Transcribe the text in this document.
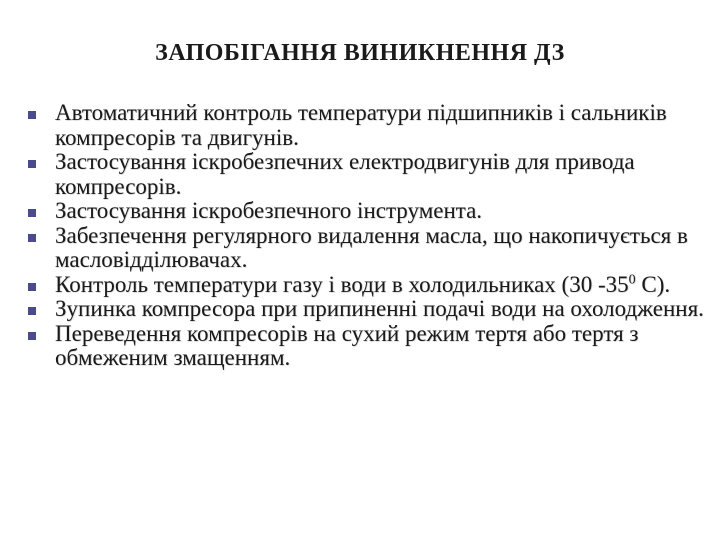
ЗАПОБІГАННЯ ВИНИКНЕННЯ ДЗ
Автоматичний контроль температури підшипників і сальників компресорів та двигунів.
Застосування іскробезпечних електродвигунів для привода компресорів.
Застосування іскробезпечного інструмента.
Забезпечення регулярного видалення масла, що накопичується в масловідділювачах.
Контроль температури газу і води в холодильниках (30 $-35^0$ С).
Зупинка компресора при припиненні подачі води на охолодження.
Переведення компресорів на сухий режим тертя або тертя з обмеженим змащенням.
